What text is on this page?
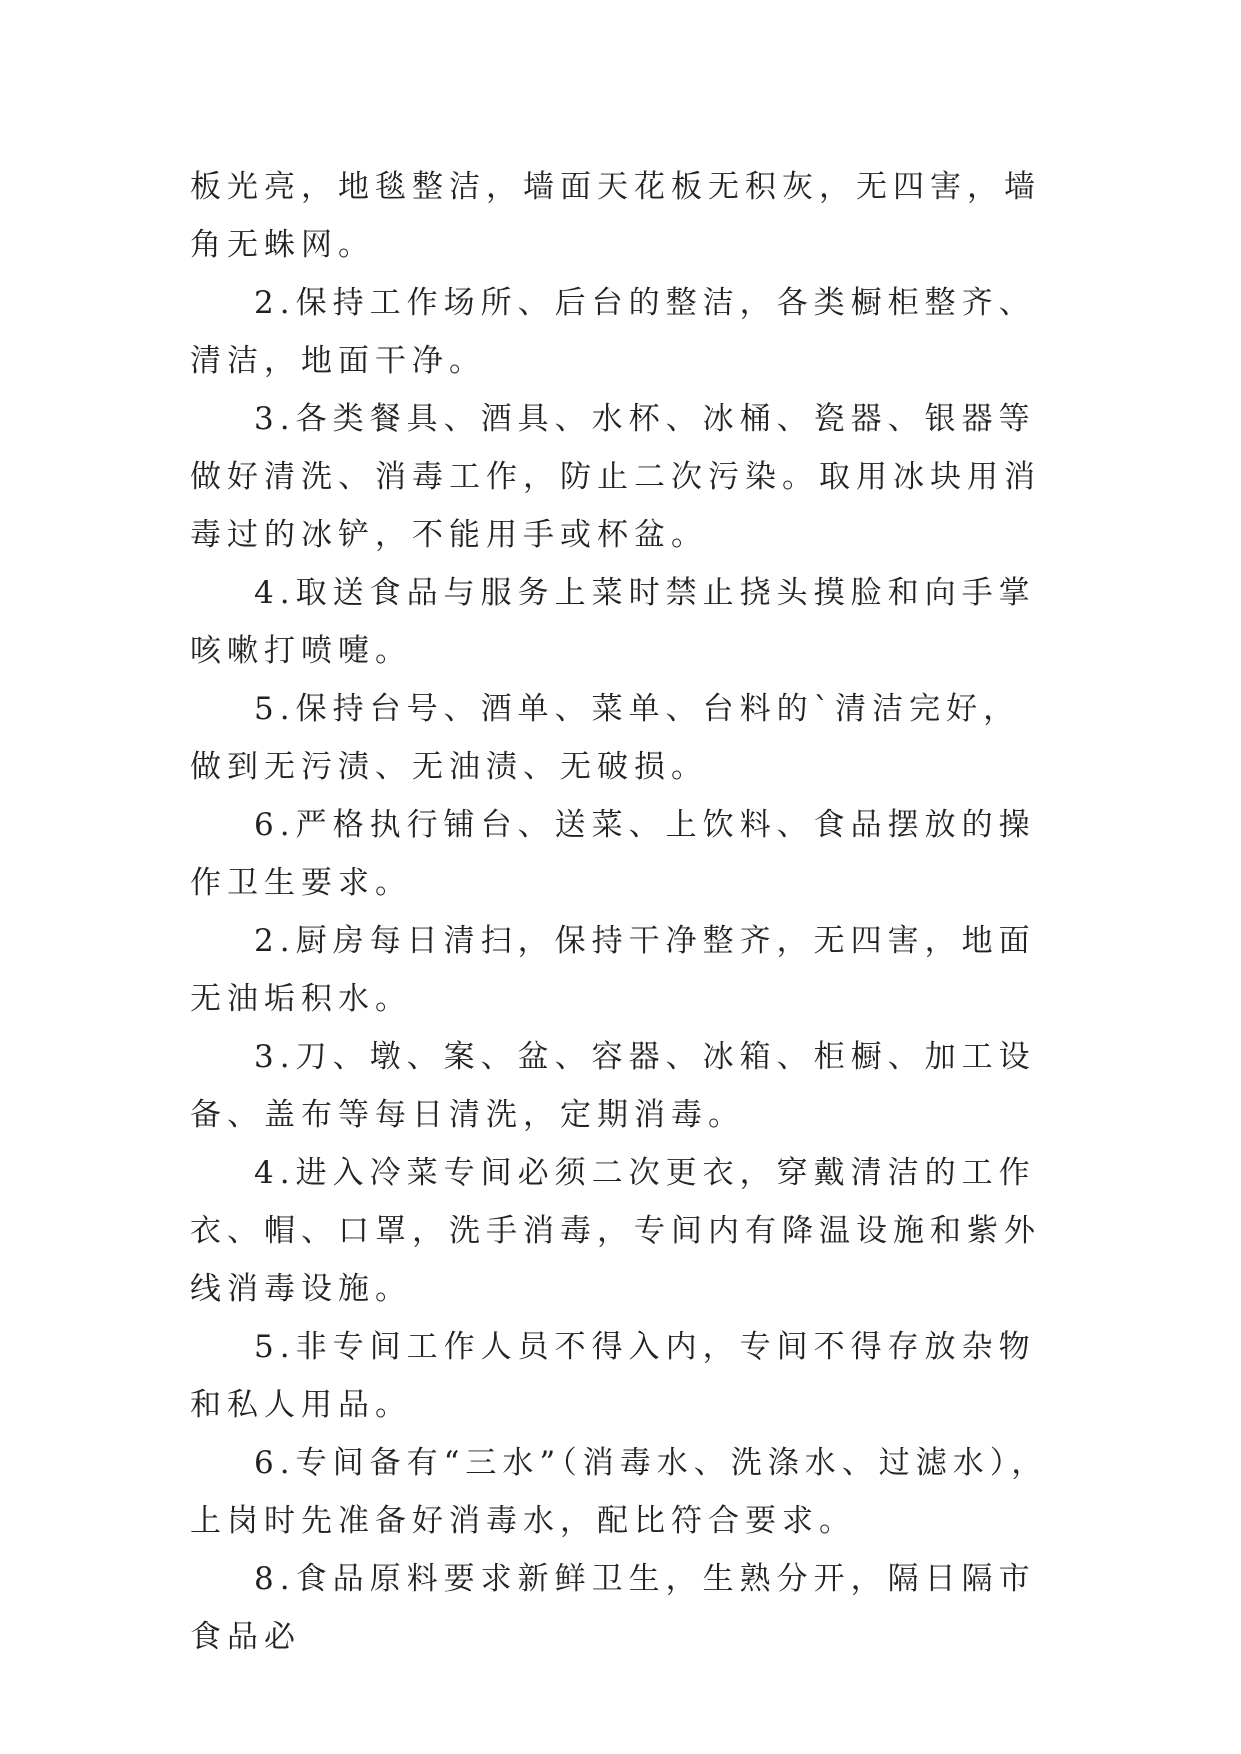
板光亮，地毯整洁，墙面天花板无积灰，无四害，墙角无蛛网。

2.保持工作场所、后台的整洁，各类橱柜整齐、清洁，地面干净。

3.各类餐具、酒具、水杯、冰桶、瓷器、银器等做好清洗、消毒工作，防止二次污染。取用冰块用消毒过的冰铲，不能用手或杯盆。

4.取送食品与服务上菜时禁止挠头摸脸和向手掌咳嗽打喷嚏。

5.保持台号、酒单、菜单、台料的`清洁完好，做到无污渍、无油渍、无破损。

6.严格执行铺台、送菜、上饮料、食品摆放的操作卫生要求。

2.厨房每日清扫，保持干净整齐，无四害，地面无油垢积水。

3.刀、墩、案、盆、容器、冰箱、柜橱、加工设备、盖布等每日清洗，定期消毒。

4.进入冷菜专间必须二次更衣，穿戴清洁的工作衣、帽、口罩，洗手消毒，专间内有降温设施和紫外线消毒设施。

5.非专间工作人员不得入内，专间不得存放杂物和私人用品。

6.专间备有“三水”（消毒水、洗涤水、过滤水），上岗时先准备好消毒水，配比符合要求。

8.食品原料要求新鲜卫生，生熟分开，隔日隔市食品必
